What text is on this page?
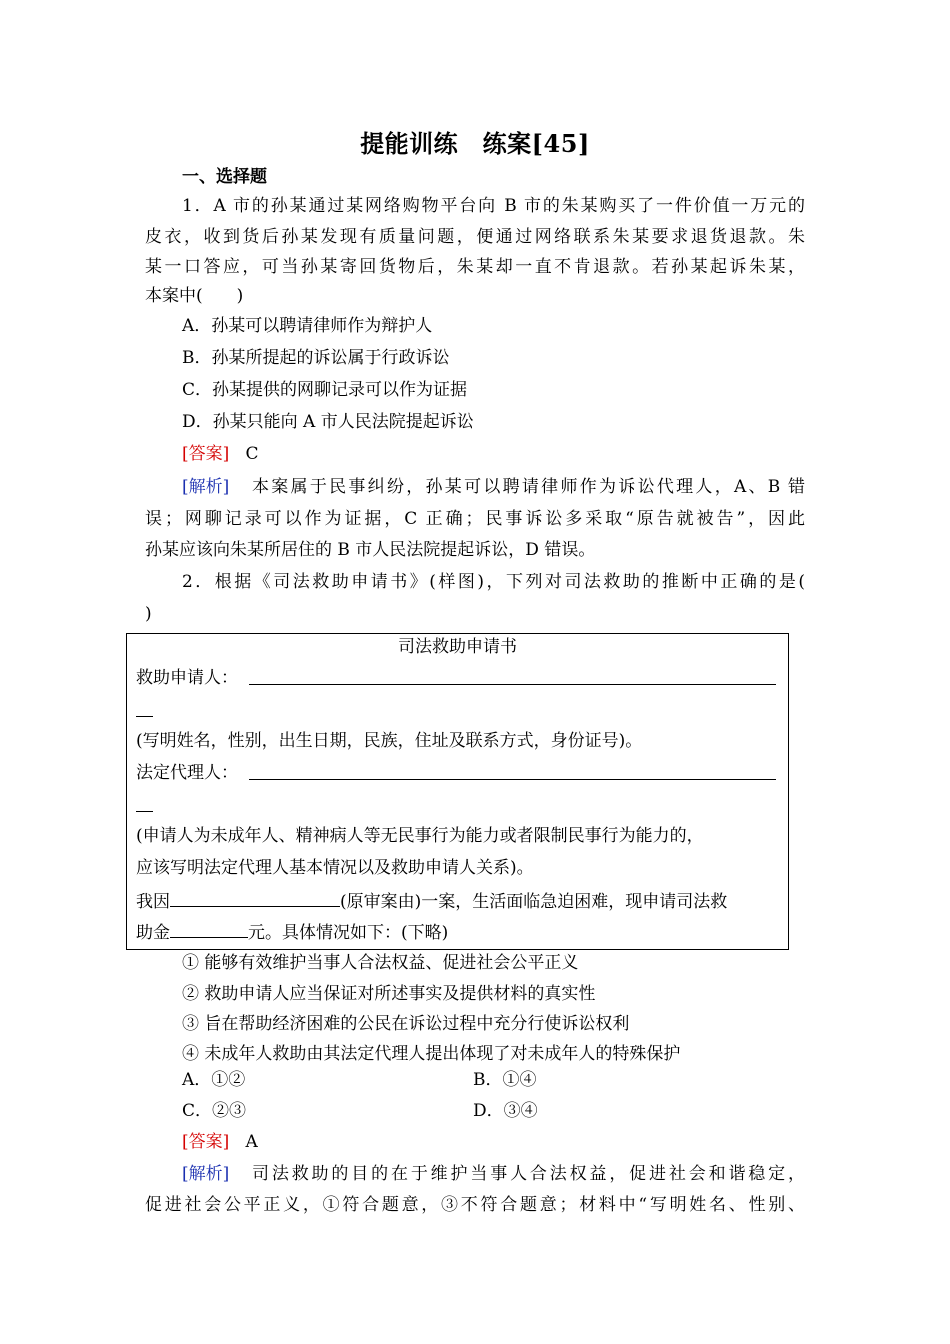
提能训练　练案[45]
一、选择题
1．A 市的孙某通过某网络购物平台向 B 市的朱某购买了一件价值一万元的
皮衣，收到货后孙某发现有质量问题，便通过网络联系朱某要求退货退款。朱
某一口答应，可当孙某寄回货物后，朱某却一直不肯退款。若孙某起诉朱某，
本案中(　　)
A．孙某可以聘请律师作为辩护人
B．孙某所提起的诉讼属于行政诉讼
C．孙某提供的网聊记录可以作为证据
D．孙某只能向 A 市人民法院提起诉讼
[答案] C
[解析] 本案属于民事纠纷，孙某可以聘请律师作为诉讼代理人，A、B 错
误；网聊记录可以作为证据，C 正确；民事诉讼多采取“原告就被告”，因此
孙某应该向朱某所居住的 B 市人民法院提起诉讼，D 错误。
2．根据《司法救助申请书》(样图)，下列对司法救助的推断中正确的是(
)
司法救助申请书
救助申请人：
(写明姓名，性别，出生日期，民族，住址及联系方式，身份证号)。
法定代理人：
(申请人为未成年人、精神病人等无民事行为能力或者限制民事行为能力的，
应该写明法定代理人基本情况以及救助申请人关系)。
我因	(原审案由)一案，生活面临急迫困难，现申请司法救
助金	元。具体情况如下：(下略)
① 能够有效维护当事人合法权益、促进社会公平正义
② 救助申请人应当保证对所述事实及提供材料的真实性
③ 旨在帮助经济困难的公民在诉讼过程中充分行使诉讼权利
④ 未成年人救助由其法定代理人提出体现了对未成年人的特殊保护
A．①②	B．①④
C．②③	D．③④
[答案] A
[解析] 司法救助的目的在于维护当事人合法权益，促进社会和谐稳定，
促进社会公平正义，①符合题意，③不符合题意；材料中“写明姓名、性别、
